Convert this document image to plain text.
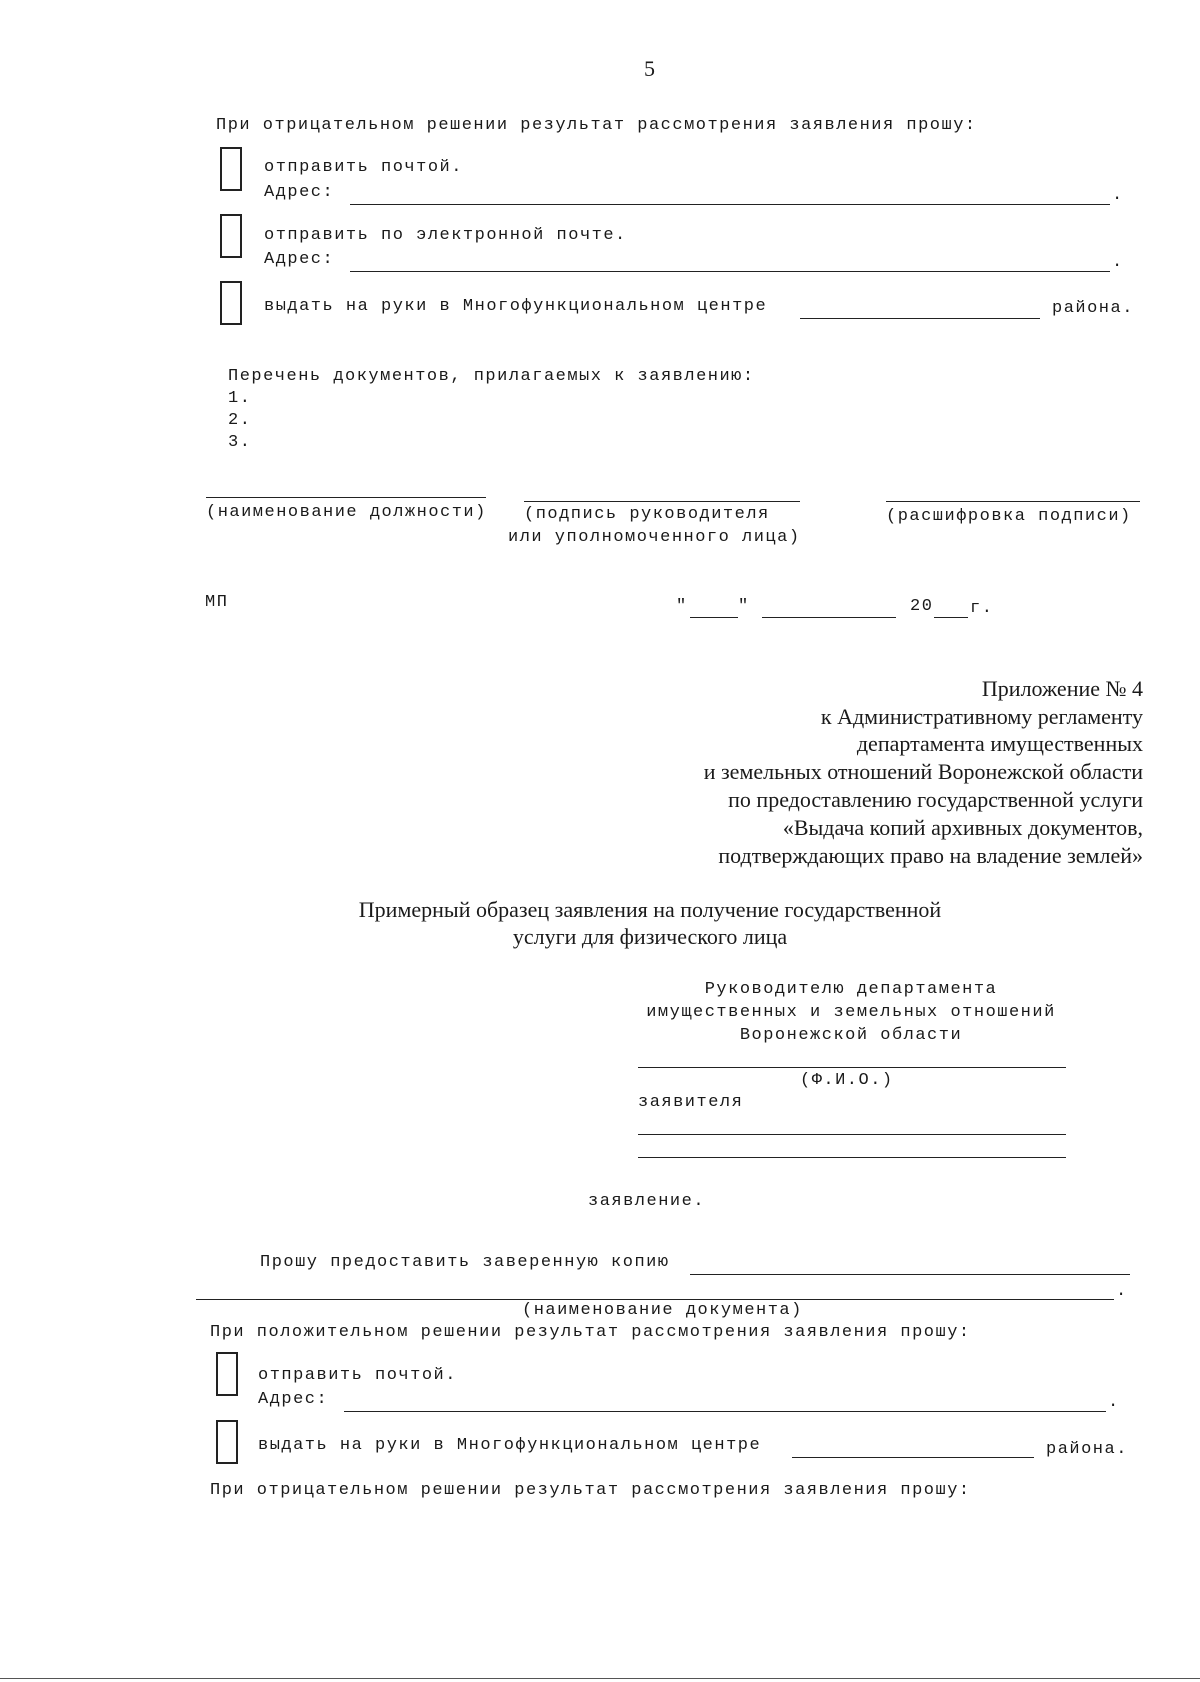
5
При отрицательном решении результат рассмотрения заявления прошу:
отправить почтой.
Адрес:	.
отправить по электронной почте.
Адрес:	.
выдать на руки в Многофункциональном центре	района.
Перечень документов, прилагаемых к заявлению:
1.
2.
3.
(наименование должности) (подпись руководителя
или уполномоченного лица)
(расшифровка подписи)
МП	"	"	20 г.
Приложение № 4
к Административному регламенту
департамента имущественных
и земельных отношений Воронежской области
по предоставлению государственной услуги
«Выдача копий архивных документов,
подтверждающих право на владение землей»
Примерный образец заявления на получение государственной
услуги для физического лица
Руководителю департамента
имущественных и земельных отношений
Воронежской области
(Ф.И.О.)
заявителя
заявление.
Прошу предоставить заверенную копию
.
(наименование документа)
При положительном решении результат рассмотрения заявления прошу:
отправить почтой.
Адрес:	.
выдать на руки в Многофункциональном центре	района.
При отрицательном решении результат рассмотрения заявления прошу:
